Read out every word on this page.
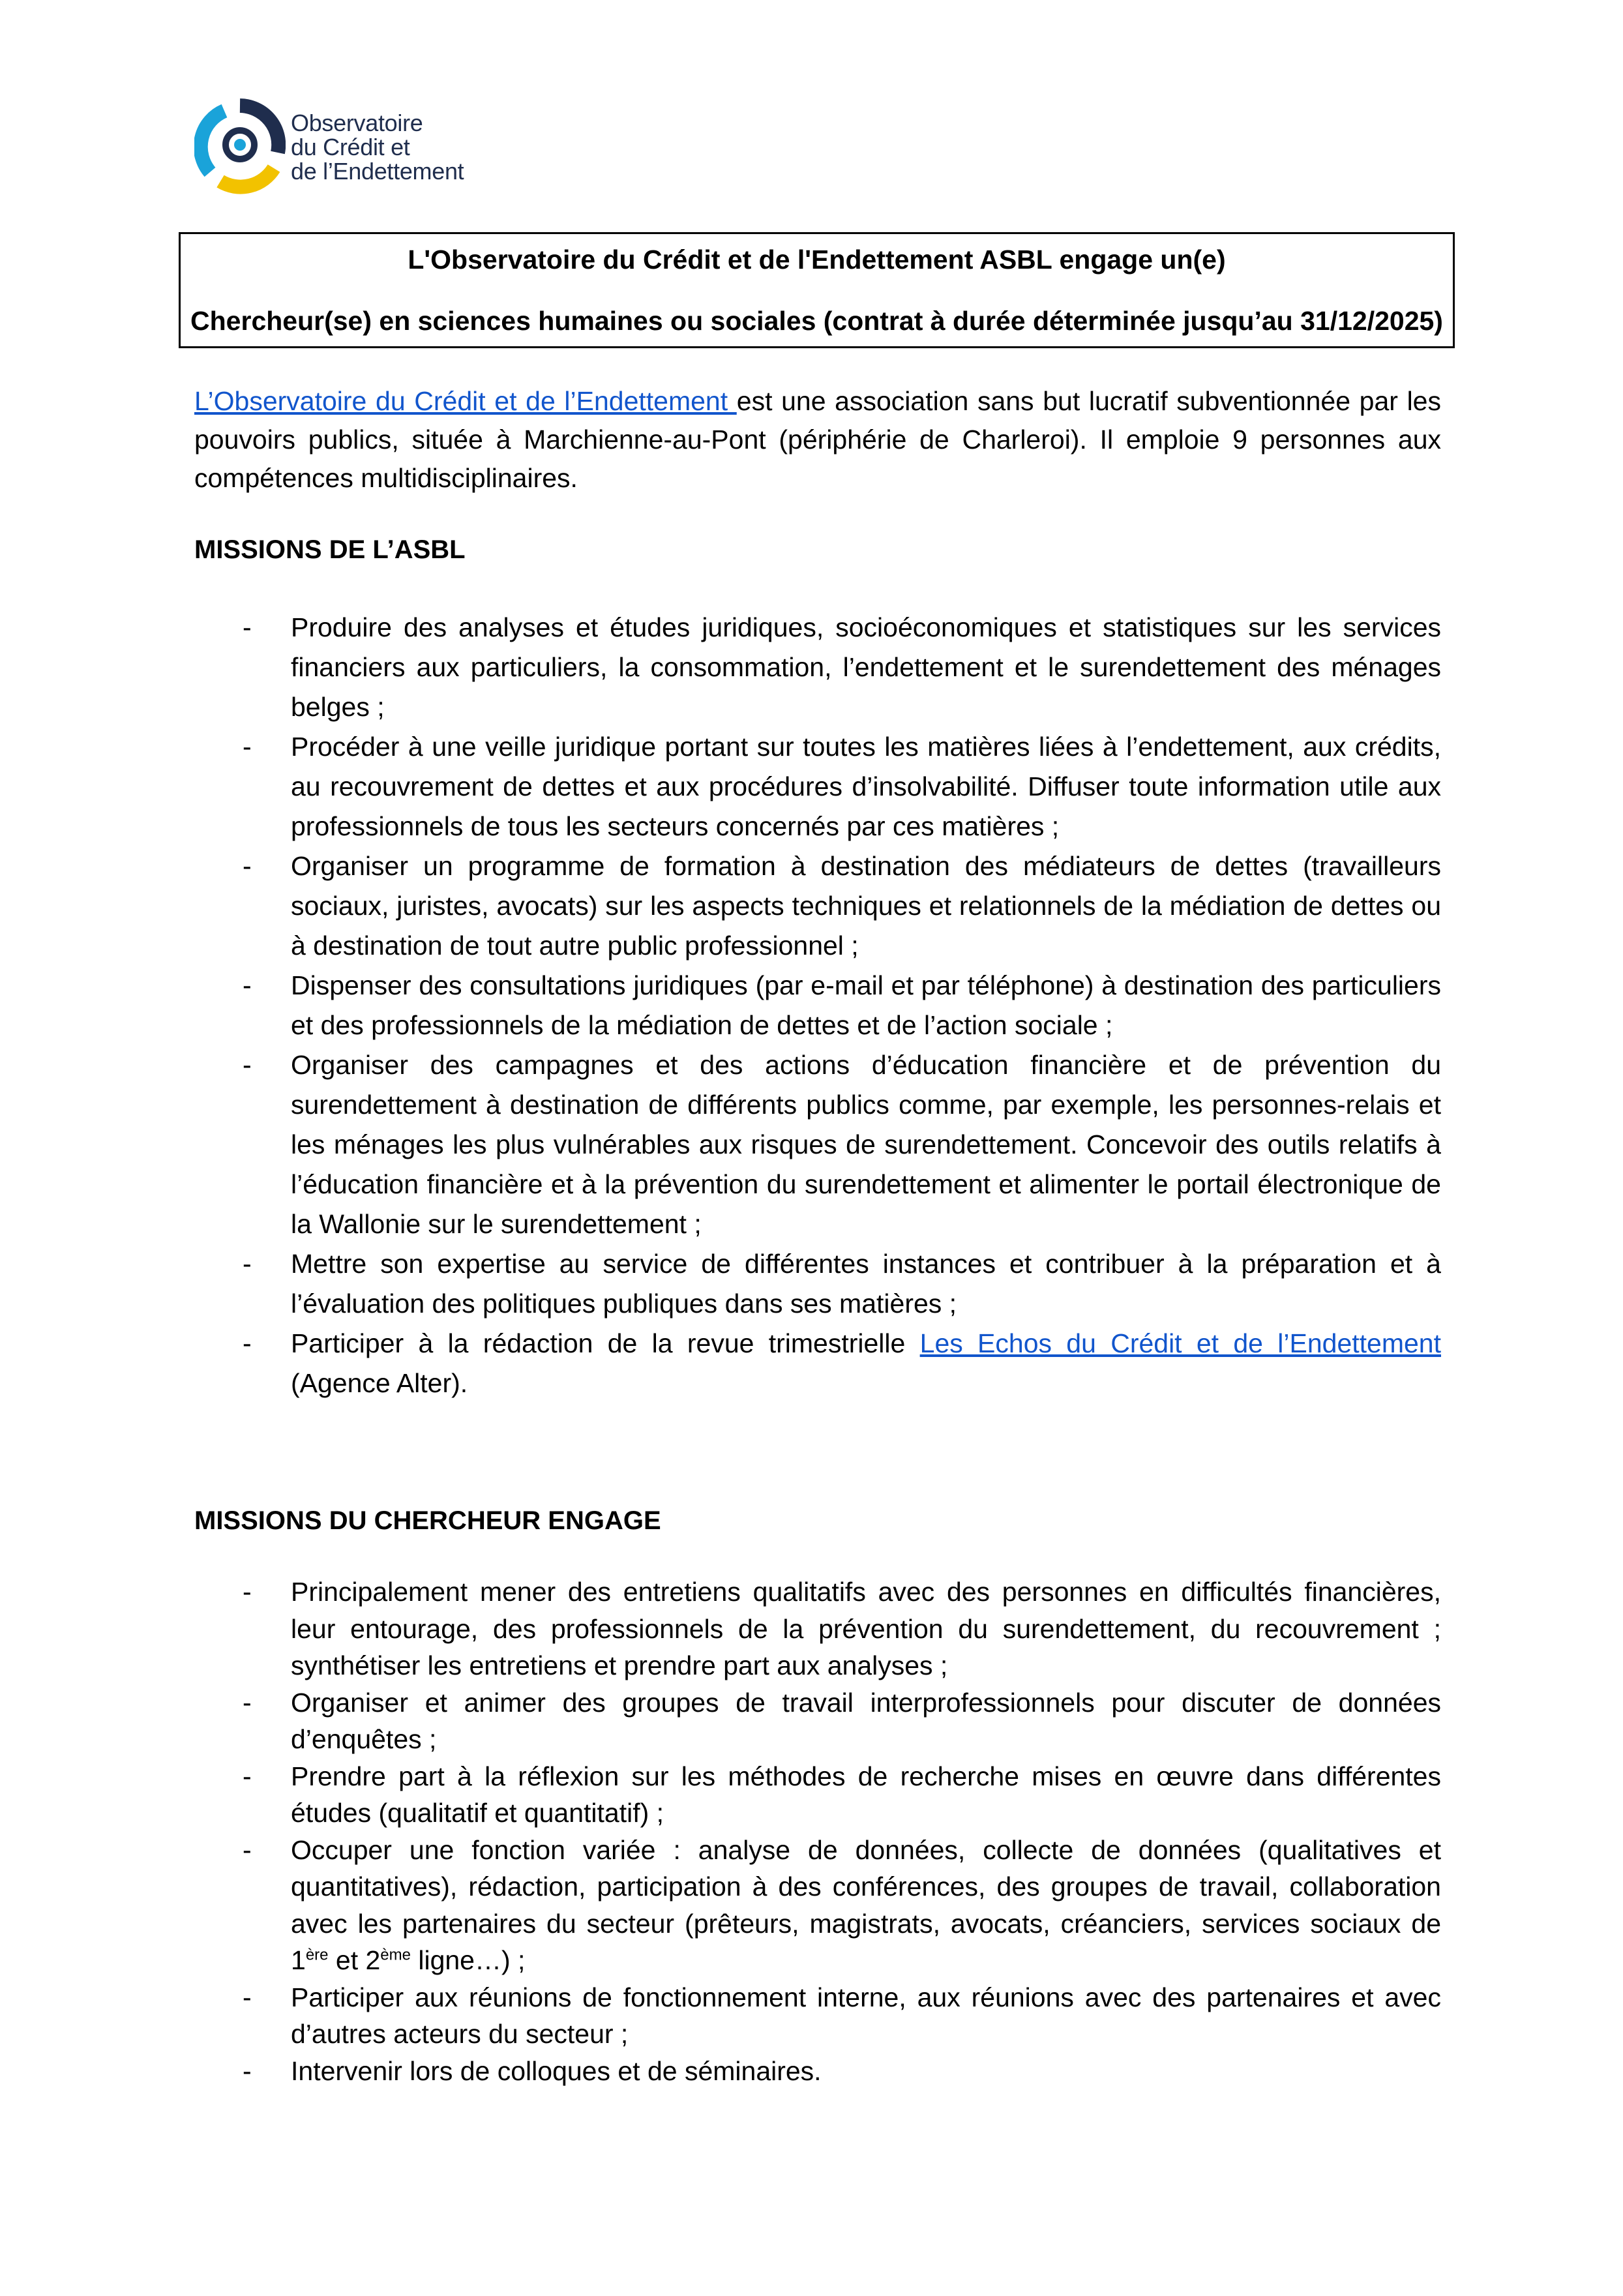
Observatoire
du Crédit et
de l’Endettement
L'Observatoire du Crédit et de l'Endettement ASBL engage un(e)
Chercheur(se) en sciences humaines ou sociales (contrat à durée déterminée jusqu’au 31/12/2025)
L’Observatoire du Crédit et de l’Endettement est une association sans but lucratif subventionnée par les pouvoirs publics, située à Marchienne-au-Pont (périphérie de Charleroi). Il emploie 9 personnes aux compétences multidisciplinaires.
MISSIONS DE L’ASBL
- Produire des analyses et études juridiques, socioéconomiques et statistiques sur les services financiers aux particuliers, la consommation, l’endettement et le surendettement des ménages belges ;
- Procéder à une veille juridique portant sur toutes les matières liées à l’endettement, aux crédits, au recouvrement de dettes et aux procédures d’insolvabilité. Diffuser toute information utile aux professionnels de tous les secteurs concernés par ces matières ;
- Organiser un programme de formation à destination des médiateurs de dettes (travailleurs sociaux, juristes, avocats) sur les aspects techniques et relationnels de la médiation de dettes ou à destination de tout autre public professionnel ;
- Dispenser des consultations juridiques (par e-mail et par téléphone) à destination des particuliers et des professionnels de la médiation de dettes et de l’action sociale ;
- Organiser des campagnes et des actions d’éducation financière et de prévention du surendettement à destination de différents publics comme, par exemple, les personnes-relais et les ménages les plus vulnérables aux risques de surendettement. Concevoir des outils relatifs à l’éducation financière et à la prévention du surendettement et alimenter le portail électronique de la Wallonie sur le surendettement ;
- Mettre son expertise au service de différentes instances et contribuer à la préparation et à l’évaluation des politiques publiques dans ses matières ;
- Participer à la rédaction de la revue trimestrielle Les Echos du Crédit et de l’Endettement (Agence Alter).
MISSIONS DU CHERCHEUR ENGAGE
- Principalement mener des entretiens qualitatifs avec des personnes en difficultés financières, leur entourage, des professionnels de la prévention du surendettement, du recouvrement ; synthétiser les entretiens et prendre part aux analyses ;
- Organiser et animer des groupes de travail interprofessionnels pour discuter de données d’enquêtes ;
- Prendre part à la réflexion sur les méthodes de recherche mises en œuvre dans différentes études (qualitatif et quantitatif) ;
- Occuper une fonction variée : analyse de données, collecte de données (qualitatives et quantitatives), rédaction, participation à des conférences, des groupes de travail, collaboration avec les partenaires du secteur (prêteurs, magistrats, avocats, créanciers, services sociaux de 1ère et 2ème ligne…) ;
- Participer aux réunions de fonctionnement interne, aux réunions avec des partenaires et avec d’autres acteurs du secteur ;
- Intervenir lors de colloques et de séminaires.
